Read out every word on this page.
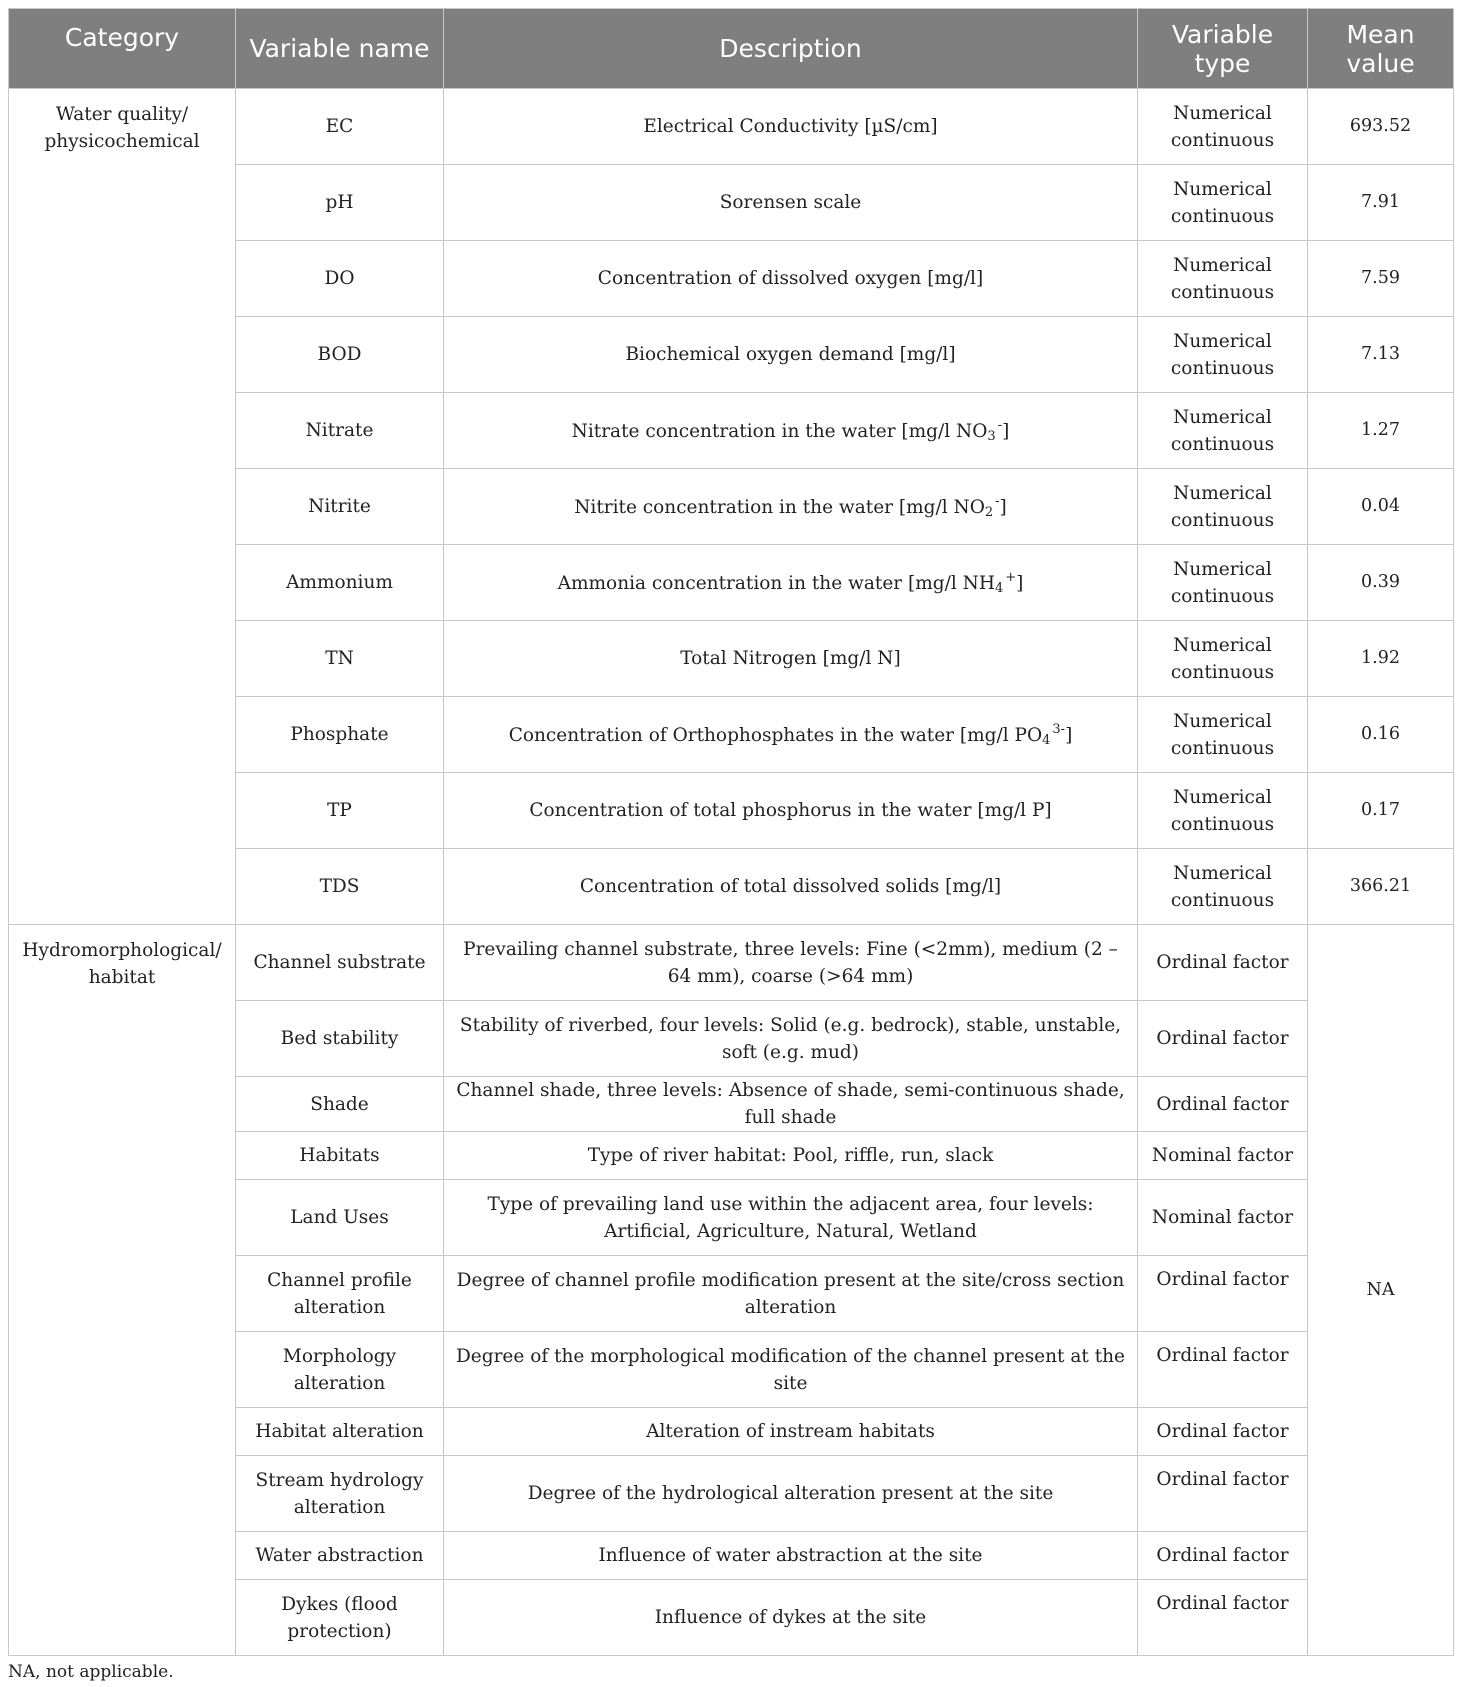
Category	Variable name	Description	Variable type	Mean value
Water quality/ physicochemical	EC	Electrical Conductivity [µS/cm]	Numerical continuous	693.52
	pH	Sorensen scale	Numerical continuous	7.91
	DO	Concentration of dissolved oxygen [mg/l]	Numerical continuous	7.59
	BOD	Biochemical oxygen demand [mg/l]	Numerical continuous	7.13
	Nitrate	Nitrate concentration in the water [mg/l $NO_3^-$]	Numerical continuous	1.27
	Nitrite	Nitrite concentration in the water [mg/l $NO_2^-$]	Numerical continuous	0.04
	Ammonium	Ammonia concentration in the water [mg/l $NH_4^+$]	Numerical continuous	0.39
	TN	Total Nitrogen [mg/l N]	Numerical continuous	1.92
	Phosphate	Concentration of Orthophosphates in the water [mg/l $PO_4^{3-}$]	Numerical continuous	0.16
	TP	Concentration of total phosphorus in the water [mg/l P]	Numerical continuous	0.17
	TDS	Concentration of total dissolved solids [mg/l]	Numerical continuous	366.21
Hydromorphological/ habitat	Channel substrate	Prevailing channel substrate, three levels: Fine (<2mm), medium (2 – 64 mm), coarse (>64 mm)	Ordinal factor	NA
	Bed stability	Stability of riverbed, four levels: Solid (e.g. bedrock), stable, unstable, soft (e.g. mud)	Ordinal factor	
	Shade	Channel shade, three levels: Absence of shade, semi-continuous shade, full shade	Ordinal factor	
	Habitats	Type of river habitat: Pool, riffle, run, slack	Nominal factor	
	Land Uses	Type of prevailing land use within the adjacent area, four levels: Artificial, Agriculture, Natural, Wetland	Nominal factor	
	Channel profile alteration	Degree of channel profile modification present at the site/cross section alteration	Ordinal factor	
	Morphology alteration	Degree of the morphological modification of the channel present at the site	Ordinal factor	
	Habitat alteration	Alteration of instream habitats	Ordinal factor	
	Stream hydrology alteration	Degree of the hydrological alteration present at the site	Ordinal factor	
	Water abstraction	Influence of water abstraction at the site	Ordinal factor	
	Dykes (flood protection)	Influence of dykes at the site	Ordinal factor	
NA, not applicable.
